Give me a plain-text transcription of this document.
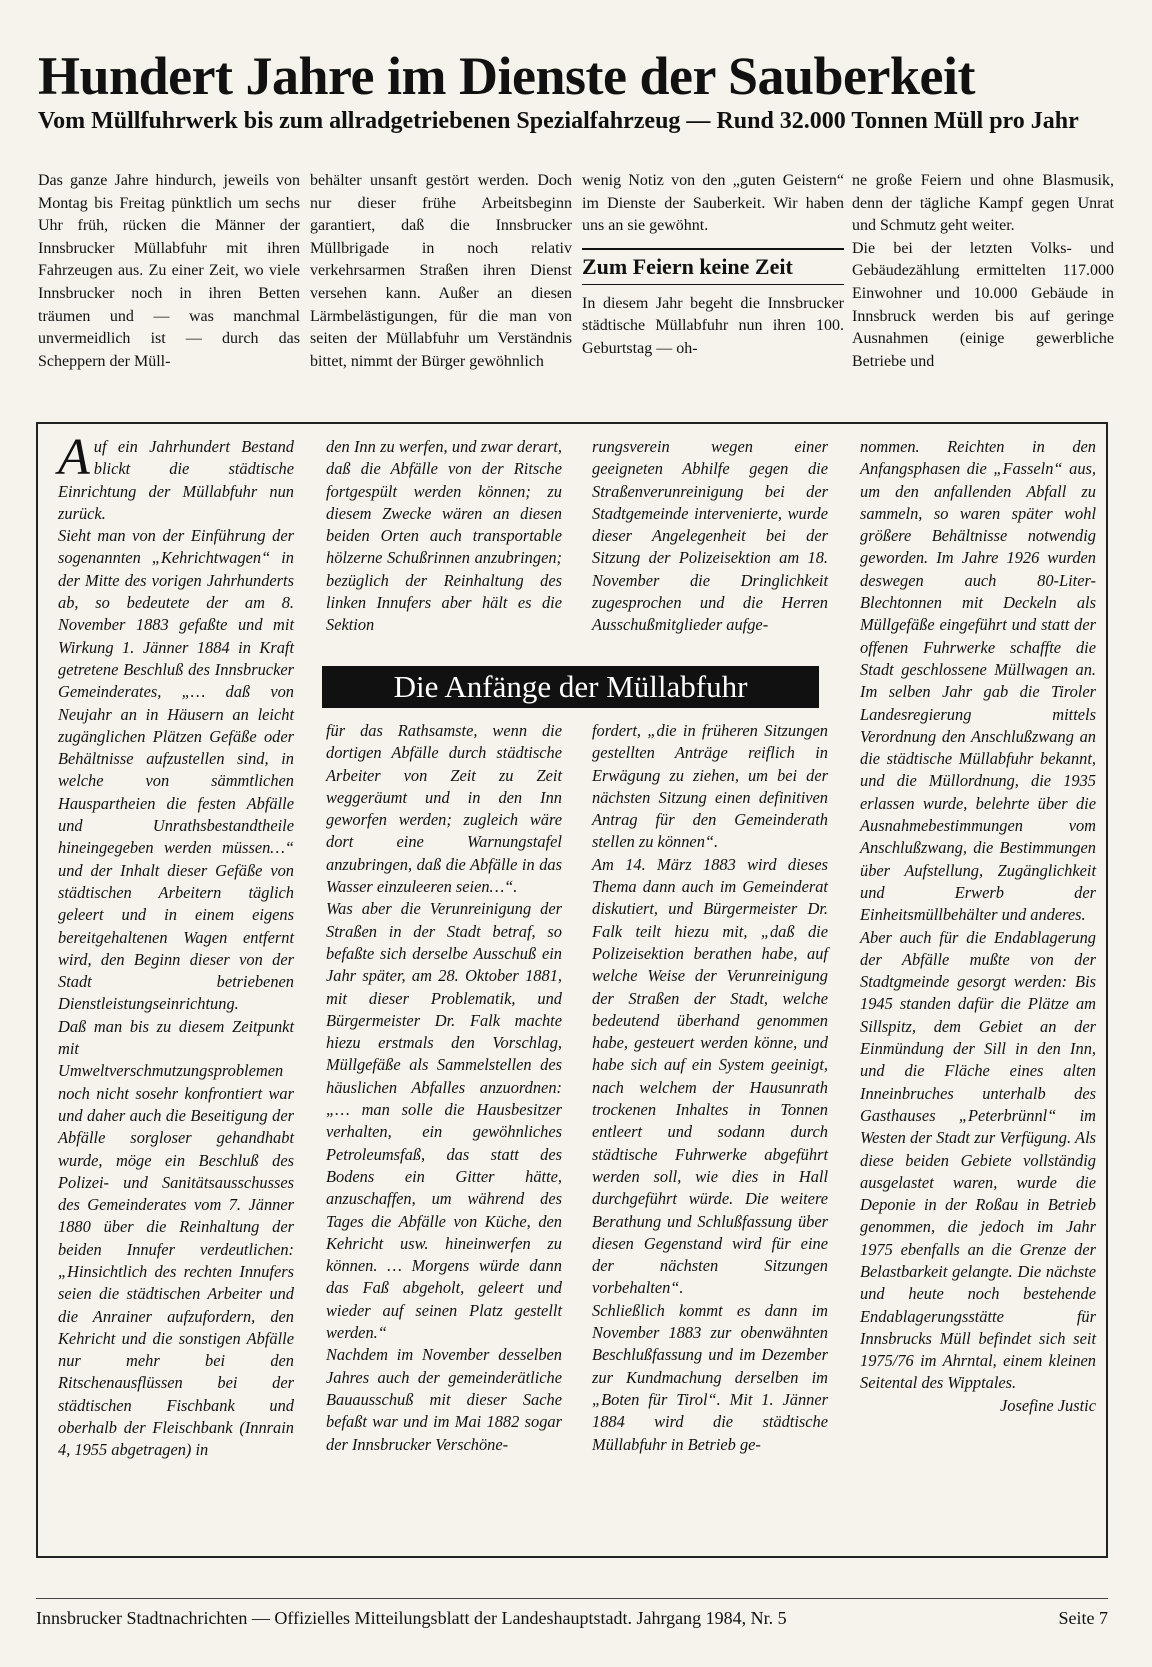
Hundert Jahre im Dienste der Sauberkeit
Vom Müllfuhrwerk bis zum allradgetriebenen Spezialfahrzeug — Rund 32.000 Tonnen Müll pro Jahr

Das ganze Jahre hindurch, jeweils von Montag bis Freitag pünktlich um sechs Uhr früh, rücken die Männer der Innsbrucker Müllabfuhr mit ihren Fahrzeugen aus. Zu einer Zeit, wo viele Innsbrucker noch in ihren Betten träumen und — was manchmal unvermeidlich ist — durch das Scheppern der Müll-

behälter unsanft gestört werden. Doch nur dieser frühe Arbeitsbeginn garantiert, daß die Innsbrucker Müllbrigade in noch relativ verkehrsarmen Straßen ihren Dienst versehen kann. Außer an diesen Lärmbelästigungen, für die man von seiten der Müllabfuhr um Verständnis bittet, nimmt der Bürger gewöhnlich

wenig Notiz von den „guten Geistern“ im Dienste der Sauberkeit. Wir haben uns an sie gewöhnt.

Zum Feiern keine Zeit

In diesem Jahr begeht die Innsbrucker städtische Müllabfuhr nun ihren 100. Geburtstag — oh-

ne große Feiern und ohne Blasmusik, denn der tägliche Kampf gegen Unrat und Schmutz geht weiter.

Die bei der letzten Volks- und Gebäudezählung ermittelten 117.000 Einwohner und 10.000 Gebäude in Innsbruck werden bis auf geringe Ausnahmen (einige gewerbliche Betriebe und

Auf ein Jahrhundert Bestand blickt die städtische Einrichtung der Müllabfuhr nun zurück.

Sieht man von der Einführung der sogenannten „Kehrichtwagen“ in der Mitte des vorigen Jahrhunderts ab, so bedeutete der am 8. November 1883 gefaßte und mit Wirkung 1. Jänner 1884 in Kraft getretene Beschluß des Innsbrucker Gemeinderates, „… daß von Neujahr an in Häusern an leicht zugänglichen Plätzen Gefäße oder Behältnisse aufzustellen sind, in welche von sämmtlichen Hauspartheien die festen Abfälle und Unrathsbestandtheile hineingegeben werden müssen…“ und der Inhalt dieser Gefäße von städtischen Arbeitern täglich geleert und in einem eigens bereitgehaltenen Wagen entfernt wird, den Beginn dieser von der Stadt betriebenen Dienstleistungseinrichtung.

Daß man bis zu diesem Zeitpunkt mit Umweltverschmutzungsproblemen noch nicht sosehr konfrontiert war und daher auch die Beseitigung der Abfälle sorgloser gehandhabt wurde, möge ein Beschluß des Polizei- und Sanitätsausschusses des Gemeinderates vom 7. Jänner 1880 über die Reinhaltung der beiden Innufer verdeutlichen: „Hinsichtlich des rechten Innufers seien die städtischen Arbeiter und die Anrainer aufzufordern, den Kehricht und die sonstigen Abfälle nur mehr bei den Ritschenausflüssen bei der städtischen Fischbank und oberhalb der Fleischbank (Innrain 4, 1955 abgetragen) in

den Inn zu werfen, und zwar derart, daß die Abfälle von der Ritsche fortgespült werden können; zu diesem Zwecke wären an diesen beiden Orten auch transportable hölzerne Schußrinnen anzubringen; bezüglich der Reinhaltung des linken Innufers aber hält es die Sektion

rungsverein wegen einer geeigneten Abhilfe gegen die Straßenverunreinigung bei der Stadtgemeinde intervenierte, wurde dieser Angelegenheit bei der Sitzung der Polizeisektion am 18. November die Dringlichkeit zugesprochen und die Herren Ausschußmitglieder aufge-

Die Anfänge der Müllabfuhr

für das Rathsamste, wenn die dortigen Abfälle durch städtische Arbeiter von Zeit zu Zeit weggeräumt und in den Inn geworfen werden; zugleich wäre dort eine Warnungstafel anzubringen, daß die Abfälle in das Wasser einzuleeren seien…“.

Was aber die Verunreinigung der Straßen in der Stadt betraf, so befaßte sich derselbe Ausschuß ein Jahr später, am 28. Oktober 1881, mit dieser Problematik, und Bürgermeister Dr. Falk machte hiezu erstmals den Vorschlag, Müllgefäße als Sammelstellen des häuslichen Abfalles anzuordnen: „… man solle die Hausbesitzer verhalten, ein gewöhnliches Petroleumsfaß, das statt des Bodens ein Gitter hätte, anzuschaffen, um während des Tages die Abfälle von Küche, den Kehricht usw. hineinwerfen zu können. … Morgens würde dann das Faß abgeholt, geleert und wieder auf seinen Platz gestellt werden.“

Nachdem im November desselben Jahres auch der gemeinderätliche Bauausschuß mit dieser Sache befaßt war und im Mai 1882 sogar der Innsbrucker Verschöne-

fordert, „die in früheren Sitzungen gestellten Anträge reiflich in Erwägung zu ziehen, um bei der nächsten Sitzung einen definitiven Antrag für den Gemeinderath stellen zu können“.

Am 14. März 1883 wird dieses Thema dann auch im Gemeinderat diskutiert, und Bürgermeister Dr. Falk teilt hiezu mit, „daß die Polizeisektion berathen habe, auf welche Weise der Verunreinigung der Straßen der Stadt, welche bedeutend überhand genommen habe, gesteuert werden könne, und habe sich auf ein System geeinigt, nach welchem der Hausunrath trockenen Inhaltes in Tonnen entleert und sodann durch städtische Fuhrwerke abgeführt werden soll, wie dies in Hall durchgeführt würde. Die weitere Berathung und Schlußfassung über diesen Gegenstand wird für eine der nächsten Sitzungen vorbehalten“.

Schließlich kommt es dann im November 1883 zur obenwähnten Beschlußfassung und im Dezember zur Kundmachung derselben im „Boten für Tirol“. Mit 1. Jänner 1884 wird die städtische Müllabfuhr in Betrieb ge-

nommen. Reichten in den Anfangsphasen die „Fasseln“ aus, um den anfallenden Abfall zu sammeln, so waren später wohl größere Behältnisse notwendig geworden. Im Jahre 1926 wurden deswegen auch 80-Liter-Blechtonnen mit Deckeln als Müllgefäße eingeführt und statt der offenen Fuhrwerke schaffte die Stadt geschlossene Müllwagen an. Im selben Jahr gab die Tiroler Landesregierung mittels Verordnung den Anschlußzwang an die städtische Müllabfuhr bekannt, und die Müllordnung, die 1935 erlassen wurde, belehrte über die Ausnahmebestimmungen vom Anschlußzwang, die Bestimmungen über Aufstellung, Zugänglichkeit und Erwerb der Einheitsmüllbehälter und anderes.

Aber auch für die Endablagerung der Abfälle mußte von der Stadtgmeinde gesorgt werden: Bis 1945 standen dafür die Plätze am Sillspitz, dem Gebiet an der Einmündung der Sill in den Inn, und die Fläche eines alten Inneinbruches unterhalb des Gasthauses „Peterbrünnl“ im Westen der Stadt zur Verfügung. Als diese beiden Gebiete vollständig ausgelastet waren, wurde die Deponie in der Roßau in Betrieb genommen, die jedoch im Jahr 1975 ebenfalls an die Grenze der Belastbarkeit gelangte. Die nächste und heute noch bestehende Endablagerungsstätte für Innsbrucks Müll befindet sich seit 1975/76 im Ahrntal, einem kleinen Seitental des Wipptales.

Josefine Justic

Innsbrucker Stadtnachrichten — Offizielles Mitteilungsblatt der Landeshauptstadt. Jahrgang 1984, Nr. 5	Seite 7
